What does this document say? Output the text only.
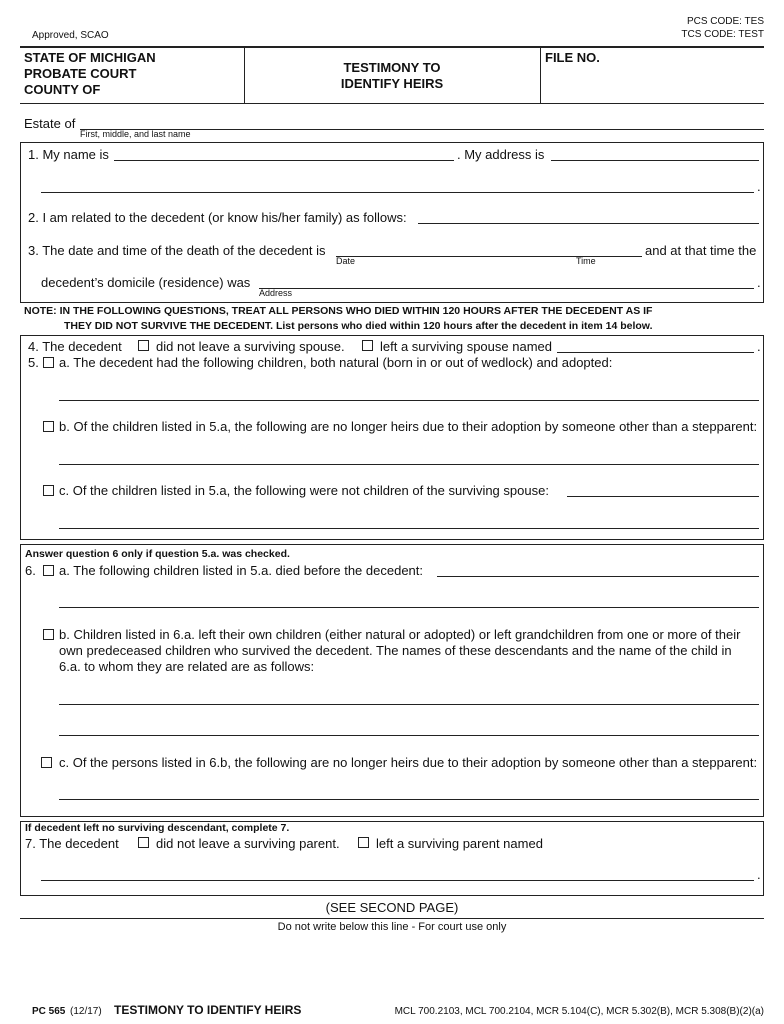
Approved, SCAO
PCS CODE: TES
TCS CODE: TEST
STATE OF MICHIGAN
PROBATE COURT
COUNTY OF
TESTIMONY TO
IDENTIFY HEIRS
FILE NO.
Estate of
First, middle, and last name
1. My name is	. My address is
.
2. I am related to the decedent (or know his/her family) as follows:
3. The date and time of the death of the decedent is	and at that time the
Date	Time
decedent’s domicile (residence) was	.
Address
NOTE: IN THE FOLLOWING QUESTIONS, TREAT ALL PERSONS WHO DIED WITHIN 120 HOURS AFTER THE DECEDENT AS IF
THEY DID NOT SURVIVE THE DECEDENT. List persons who died within 120 hours after the decedent in item 14 below.
4. The decedent	did not leave a surviving spouse.	left a surviving spouse named	.
5. a. The decedent had the following children, both natural (born in or out of wedlock) and adopted:
b. Of the children listed in 5.a, the following are no longer heirs due to their adoption by someone other than a stepparent:
c. Of the children listed in 5.a, the following were not children of the surviving spouse:
Answer question 6 only if question 5.a. was checked.
6. a. The following children listed in 5.a. died before the decedent:
b. Children listed in 6.a. left their own children (either natural or adopted) or left grandchildren from one or more of their
own predeceased children who survived the decedent. The names of these descendants and the name of the child in
6.a. to whom they are related are as follows:
c. Of the persons listed in 6.b, the following are no longer heirs due to their adoption by someone other than a stepparent:
If decedent left no surviving descendant, complete 7.
7. The decedent	did not leave a surviving parent.	left a surviving parent named
.
(SEE SECOND PAGE)
Do not write below this line - For court use only
PC 565 (12/17) TESTIMONY TO IDENTIFY HEIRS	MCL 700.2103, MCL 700.2104, MCR 5.104(C), MCR 5.302(B), MCR 5.308(B)(2)(a)
